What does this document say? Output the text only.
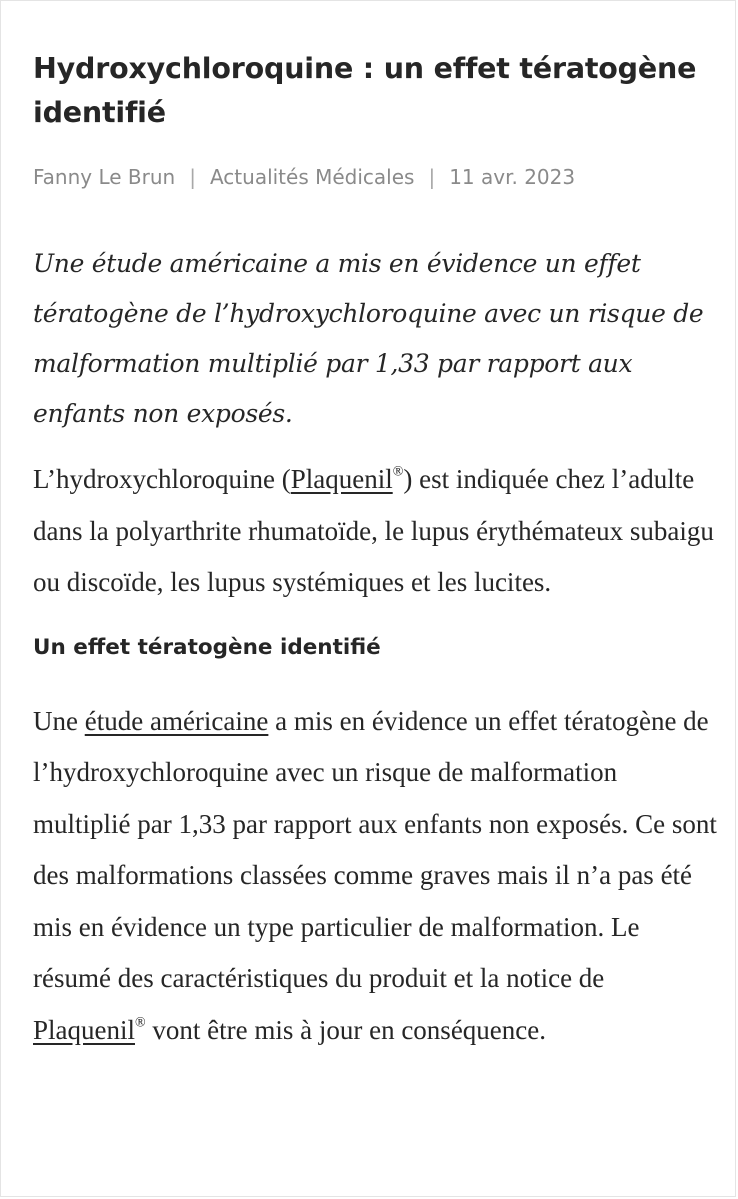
Hydroxychloroquine : un effet tératogène identifié
Fanny Le Brun | Actualités Médicales | 11 avr. 2023

Une étude américaine a mis en évidence un effet tératogène de l’hydroxychloroquine avec un risque de malformation multiplié par 1,33 par rapport aux enfants non exposés.

L’hydroxychloroquine (Plaquenil®) est indiquée chez l’adulte dans la polyarthrite rhumatoïde, le lupus érythémateux subaigu ou discoïde, les lupus systémiques et les lucites.

Un effet tératogène identifié

Une étude américaine a mis en évidence un effet tératogène de l’hydroxychloroquine avec un risque de malformation multiplié par 1,33 par rapport aux enfants non exposés. Ce sont des malformations classées comme graves mais il n’a pas été mis en évidence un type particulier de malformation. Le résumé des caractéristiques du produit et la notice de Plaquenil® vont être mis à jour en conséquence.
